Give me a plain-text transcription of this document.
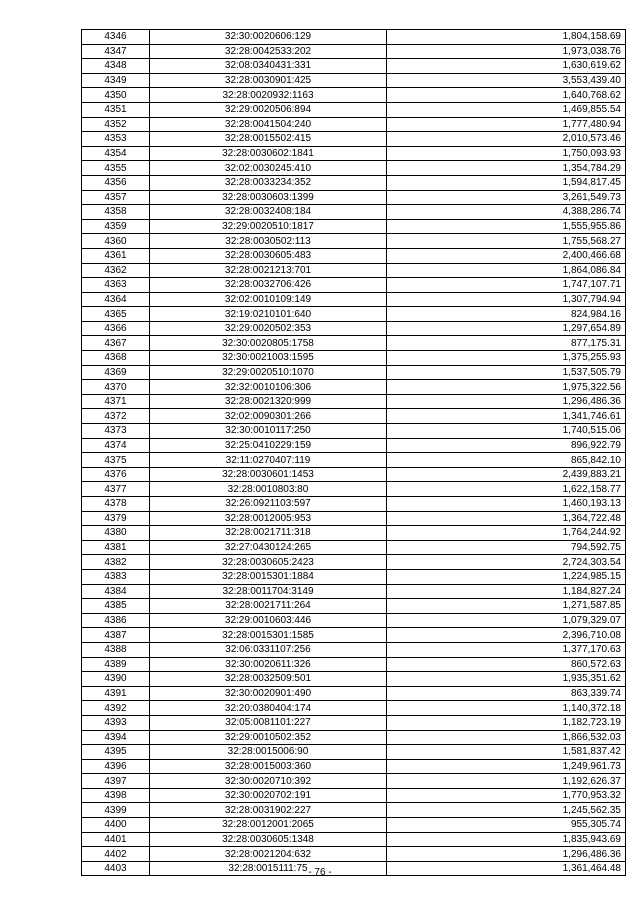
4346	32:30:0020606:129	1,804,158.69
4347	32:28:0042533:202	1,973,038.76
4348	32:08:0340431:331	1,630,619.62
4349	32:28:0030901:425	3,553,439.40
4350	32:28:0020932:1163	1,640,768.62
4351	32:29:0020506:894	1,469,855.54
4352	32:28:0041504:240	1,777,480.94
4353	32:28:0015502:415	2,010,573.46
4354	32:28:0030602:1841	1,750,093.93
4355	32:02:0030245:410	1,354,784.29
4356	32:28:0033234:352	1,594,817.45
4357	32:28:0030603:1399	3,261,549.73
4358	32:28:0032408:184	4,388,286.74
4359	32:29:0020510:1817	1,555,955.86
4360	32:28:0030502:113	1,755,568.27
4361	32:28:0030605:483	2,400,466.68
4362	32:28:0021213:701	1,864,086.84
4363	32:28:0032706:426	1,747,107.71
4364	32:02:0010109:149	1,307,794.94
4365	32:19:0210101:640	824,984.16
4366	32:29:0020502:353	1,297,654.89
4367	32:30:0020805:1758	877,175.31
4368	32:30:0021003:1595	1,375,255.93
4369	32:29:0020510:1070	1,537,505.79
4370	32:32:0010106:306	1,975,322.56
4371	32:28:0021320:999	1,296,486.36
4372	32:02:0090301:266	1,341,746.61
4373	32:30:0010117:250	1,740,515.06
4374	32:25:0410229:159	896,922.79
4375	32:11:0270407:119	865,842.10
4376	32:28:0030601:1453	2,439,883.21
4377	32:28:0010803:80	1,622,158.77
4378	32:26:0921103:597	1,460,193.13
4379	32:28:0012005:953	1,364,722.48
4380	32:28:0021711:318	1,764,244.92
4381	32:27:0430124:265	794,592.75
4382	32:28:0030605:2423	2,724,303.54
4383	32:28:0015301:1884	1,224,985.15
4384	32:28:0011704:3149	1,184,827.24
4385	32:28:0021711:264	1,271,587.85
4386	32:29:0010603:446	1,079,329.07
4387	32:28:0015301:1585	2,396,710.08
4388	32:06:0331107:256	1,377,170.63
4389	32:30:0020611:326	860,572.63
4390	32:28:0032509:501	1,935,351.62
4391	32:30:0020901:490	863,339.74
4392	32:20:0380404:174	1,140,372.18
4393	32:05:0081101:227	1,182,723.19
4394	32:29:0010502:352	1,866,532.03
4395	32:28:0015006:90	1,581,837.42
4396	32:28:0015003:360	1,249,961.73
4397	32:30:0020710:392	1,192,626.37
4398	32:30:0020702:191	1,770,953.32
4399	32:28:0031902:227	1,245,562.35
4400	32:28:0012001:2065	955,305.74
4401	32:28:0030605:1348	1,835,943.69
4402	32:28:0021204:632	1,296,486.36
4403	32:28:0015111:75	1,361,464.48
- 76 -
